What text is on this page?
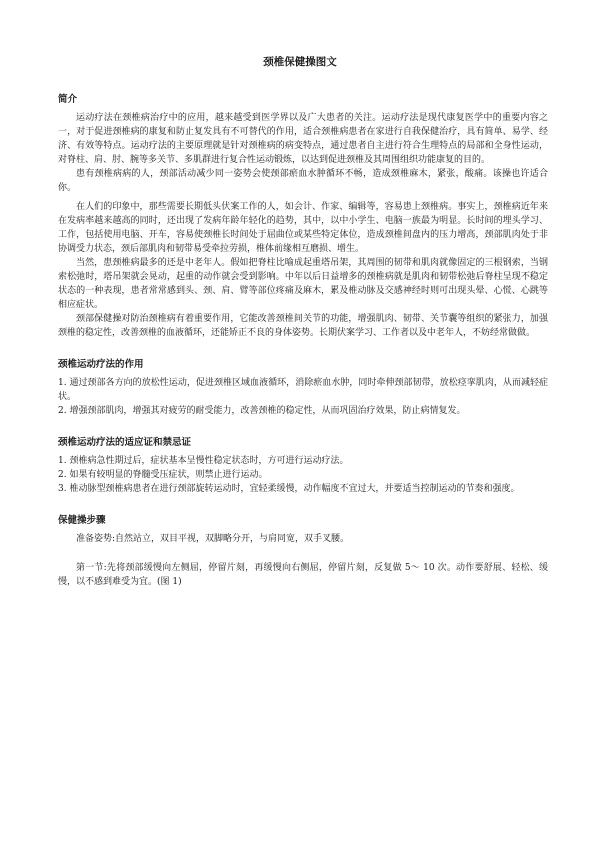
颈椎保健操图文
简介

运动疗法在颈椎病治疗中的应用，越来越受到医学界以及广大患者的关注。运动疗法是现代康复医学中的重要内容之一，对于促进颈椎病的康复和防止复发具有不可替代的作用，适合颈椎病患者在家进行自我保健治疗，具有简单、易学、经济、有效等特点。运动疗法的主要原理就是针对颈椎病的病变特点，通过患者自主进行符合生理特点的局部和全身性运动，对脊柱、肩、肘、腕等多关节、多肌群进行复合性运动锻炼，以达到促进颈椎及其周围组织功能康复的目的。

患有颈椎病病的人，颈部活动减少同一姿势会使颈部瘀血水肿循环不畅，造成颈椎麻木，紧张，酸痛。该操也许适合你。

在人们的印象中，那些需要长期低头伏案工作的人，如会计、作家、编辑等，容易患上颈椎病。事实上，颈椎病近年来在发病率越来越高的同时，还出现了发病年龄年轻化的趋势，其中，以中小学生、电脑一族最为明显。长时间的埋头学习、工作，包括使用电脑、开车，容易使颈椎长时间处于屈曲位或某些特定体位，造成颈椎间盘内的压力增高，颈部肌肉处于非协调受力状态，颈后部肌肉和韧带易受牵拉劳损，椎体前缘相互磨损、增生。

当然，患颈椎病最多的还是中老年人。假如把脊柱比喻成起重塔吊架，其周围的韧带和肌肉就像固定的三根钢索，当钢索松弛时，塔吊架就会晃动，起重的动作就会受到影响。中年以后日益增多的颈椎病就是肌肉和韧带松弛后脊柱呈现不稳定状态的一种表现，患者常常感到头、颈、肩、臂等部位疼痛及麻木，累及椎动脉及交感神经时则可出现头晕、心慌、心跳等相应症状。

颈部保健操对防治颈椎病有着重要作用，它能改善颈椎间关节的功能，增强肌肉、韧带、关节囊等组织的紧张力，加强颈椎的稳定性，改善颈椎的血液循环，还能矫正不良的身体姿势。长期伏案学习、工作者以及中老年人，不妨经常做做。

颈椎运动疗法的作用

1. 通过颈部各方向的放松性运动，促进颈椎区域血液循环，消除瘀血水肿，同时牵伸颈部韧带，放松痉挛肌肉，从而减轻症状。

2. 增强颈部肌肉，增强其对疲劳的耐受能力，改善颈椎的稳定性，从而巩固治疗效果，防止病情复发。

颈椎运动疗法的适应证和禁忌证

1. 颈椎病急性期过后，症状基本呈慢性稳定状态时，方可进行运动疗法。

2. 如果有较明显的脊髓受压症状，则禁止进行运动。

3. 椎动脉型颈椎病患者在进行颈部旋转运动时，宜轻柔缓慢，动作幅度不宜过大，并要适当控制运动的节奏和强度。

保健操步骤

准备姿势:自然站立，双目平视，双脚略分开，与肩同宽，双手叉腰。

第一节:先将颈部缓慢向左侧屈，停留片刻，再缓慢向右侧屈，停留片刻，反复做 5～ 10 次。动作要舒展、轻松、缓慢，以不感到难受为宜。(图 1)
